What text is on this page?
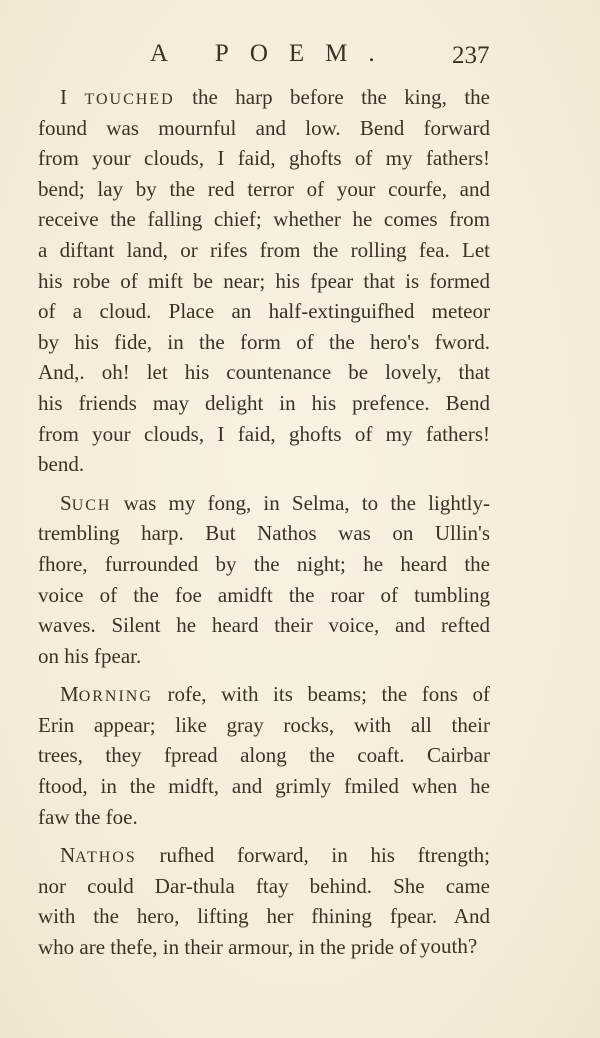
A POEM. 237
I TOUCHED the harp before the king, the
found was mournful and low. Bend forward
from your clouds, I faid, ghofts of my fathers!
bend; lay by the red terror of your courfe, and
receive the falling chief; whether he comes from
a diftant land, or rifes from the rolling fea. Let
his robe of mift be near; his fpear that is formed
of a cloud. Place an half-extinguifhed meteor
by his fide, in the form of the hero's fword.
And,. oh! let his countenance be lovely, that
his friends may delight in his prefence. Bend
from your clouds, I faid, ghofts of my fathers!
bend.
SUCH was my fong, in Selma, to the lightly-
trembling harp. But Nathos was on Ullin's
fhore, furrounded by the night; he heard the
voice of the foe amidft the roar of tumbling
waves. Silent he heard their voice, and refted
on his fpear.
MORNING rofe, with its beams; the fons of
Erin appear; like gray rocks, with all their
trees, they fpread along the coaft. Cairbar
ftood, in the midft, and grimly fmiled when he
faw the foe.
NATHOS rufhed forward, in his ftrength;
nor could Dar-thula ftay behind. She came
with the hero, lifting her fhining fpear. And
who are thefe, in their armour, in the pride of youth?
